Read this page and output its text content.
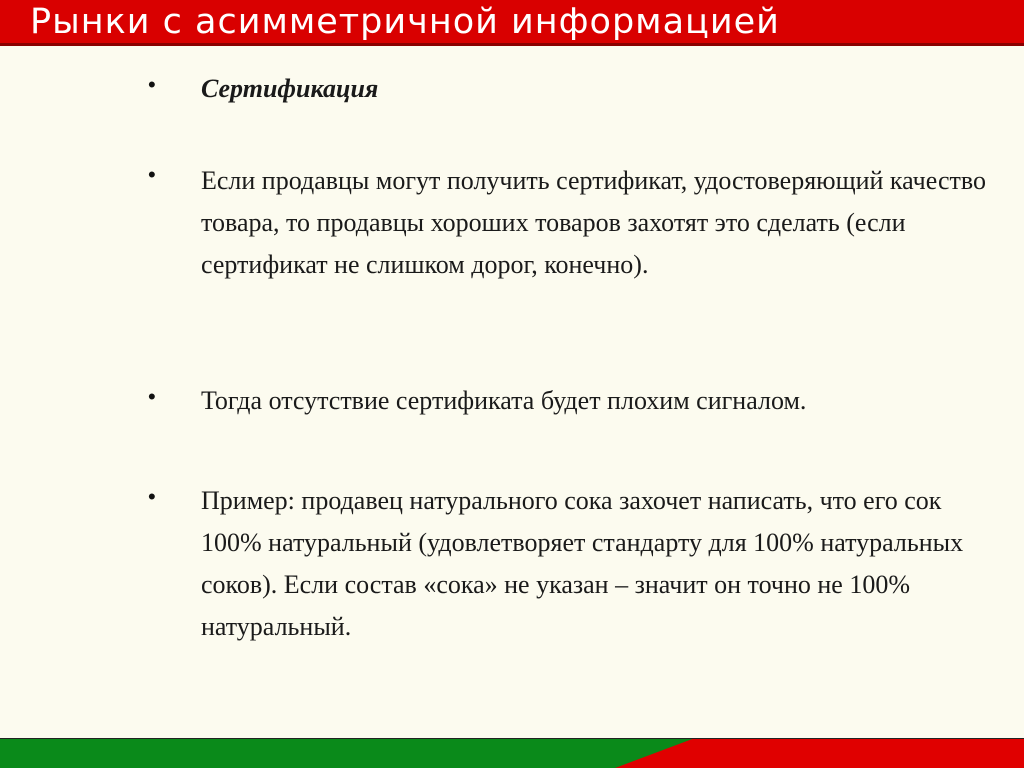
Рынки с асимметричной информацией
• Сертификация
• Если продавцы могут получить сертификат, удостоверяющий качество товара, то продавцы хороших товаров захотят это сделать (если сертификат не слишком дорог, конечно).
• Тогда отсутствие сертификата будет плохим сигналом.
• Пример: продавец натурального сока захочет написать, что его сок 100% натуральный (удовлетворяет стандарту для 100% натуральных соков). Если состав «сока» не указан – значит он точно не 100% натуральный.
